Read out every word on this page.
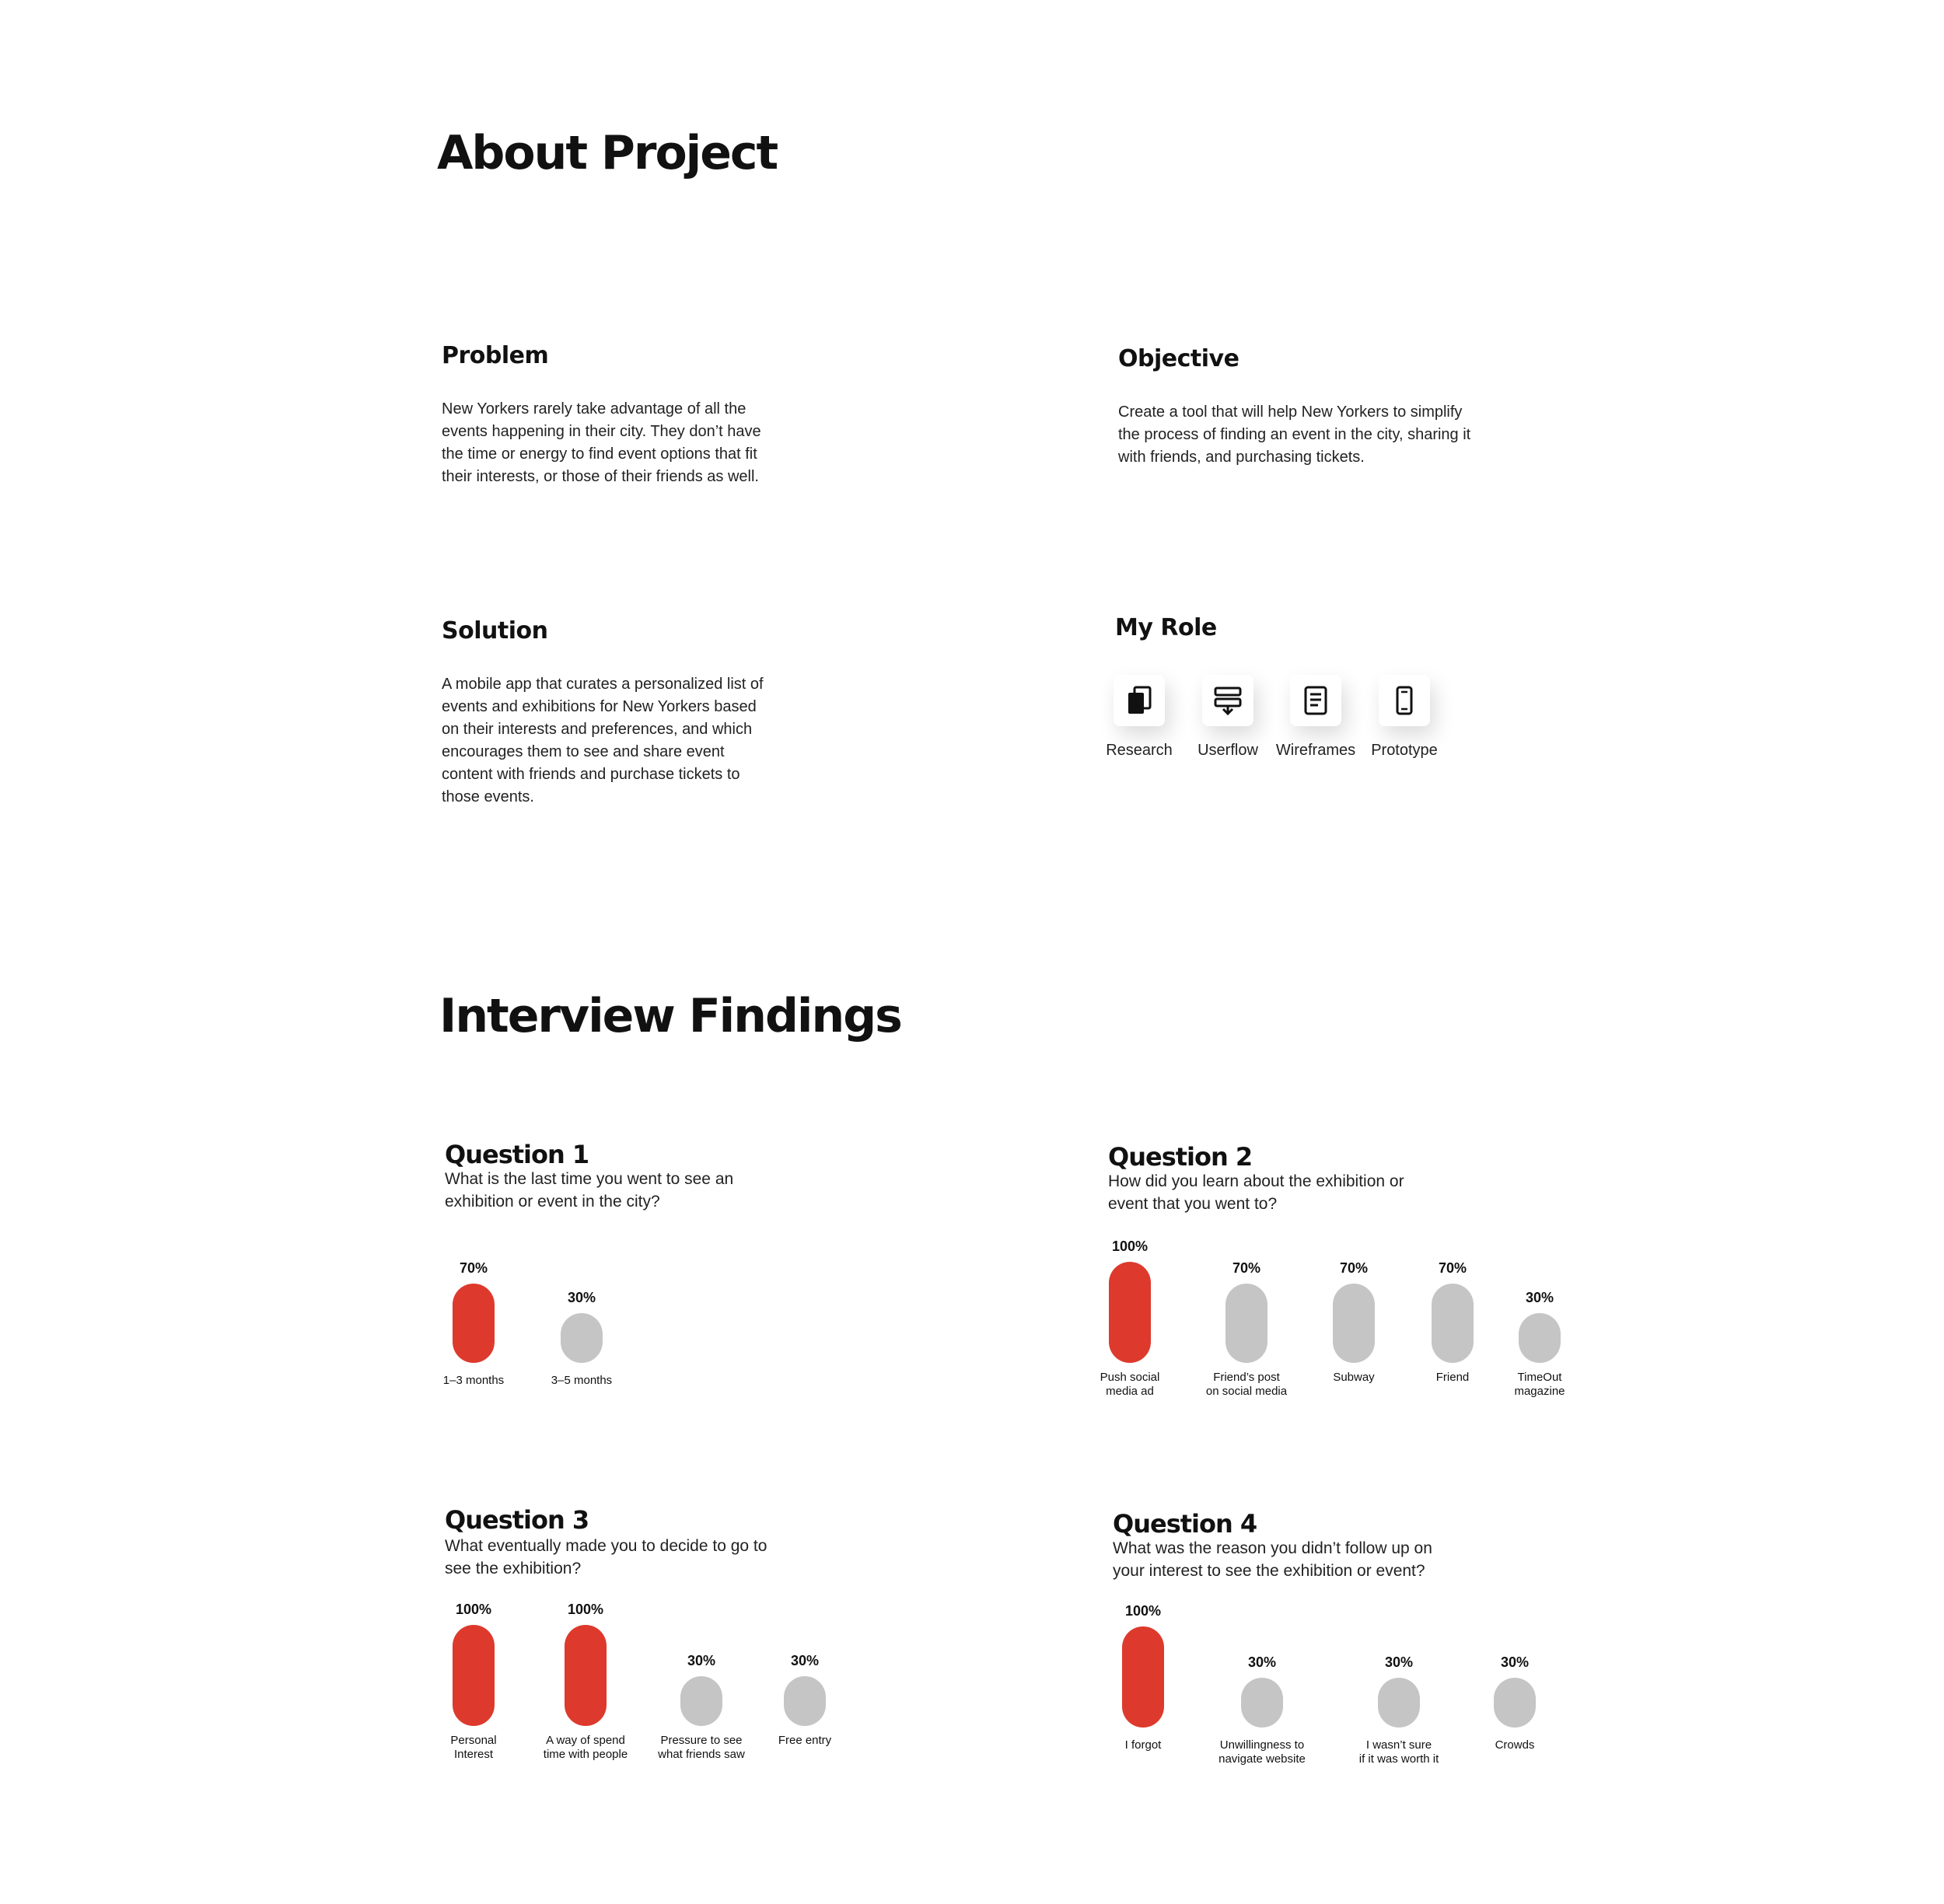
About Project
Problem
New Yorkers rarely take advantage of all the events happening in their city. They don’t have the time or energy to find event options that fit their interests, or those of their friends as well.
Objective
Create a tool that will help New Yorkers to simplify the process of finding an event in the city, sharing it with friends, and purchasing tickets.
Solution
A mobile app that curates a personalized list of events and exhibitions for New Yorkers based on their interests and preferences, and which encourages them to see and share event content with friends and purchase tickets to those events.
My Role
Research	Userflow	Wireframes	Prototype
Interview Findings
Question 1
What is the last time you went to see an exhibition or event in the city?
70%
1–3 months
30%
3–5 months
Question 2
How did you learn about the exhibition or event that you went to?
100%
Push social
media ad
70%
Friend’s post
on social media
70%
Subway
70%
Friend
30%
TimeOut
magazine
Question 3
What eventually made you to decide to go to see the exhibition?
100%
Personal
Interest
100%
A way of spend
time with people
30%
Pressure to see
what friends saw
30%
Free entry
Question 4
What was the reason you didn’t follow up on your interest to see the exhibition or event?
100%
I forgot
30%
Unwillingness to
navigate website
30%
I wasn’t sure
if it was worth it
30%
Crowds
